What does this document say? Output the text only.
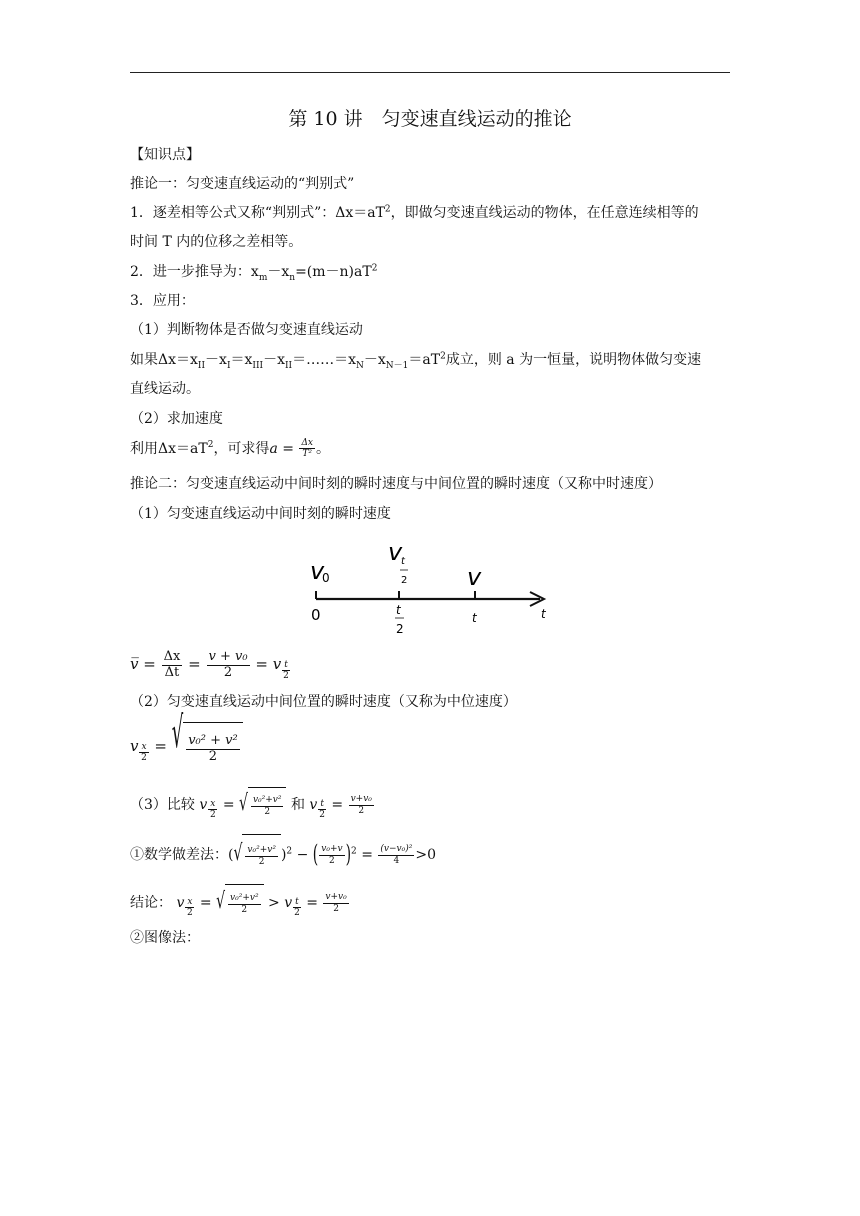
第 10 讲　匀变速直线运动的推论
【知识点】
推论一：匀变速直线运动的“判别式”
1．逐差相等公式又称“判别式”：$\Delta x=aT^2$，即做匀变速直线运动的物体，在任意连续相等的
时间 T 内的位移之差相等。
2．进一步推导为：$x_m-x_n=(m-n)aT^2$
3．应用：
（1）判断物体是否做匀变速直线运动
如果$\Delta x=x_{II}-x_I=x_{III}-x_{II}=\dots\dots=x_N-x_{N-1}=aT^2$成立，则 a 为一恒量，说明物体做匀变速
直线运动。
（2）求加速度
利用$\Delta x=aT^2$，可求得$a = \frac{\Delta x}{\text{T²}}$ 。
推论二：匀变速直线运动中间时刻的瞬时速度与中间位置的瞬时速度（又称中时速度）
（1）匀变速直线运动中间时刻的瞬时速度
v
0
v
t
2 v
0	t
2
t	t
v̅ = $\frac{\Delta x}{\Delta t} = \frac{\text{v + v₀}}{2} = v \frac{t}{2}$
（2）匀变速直线运动中间位置的瞬时速度（又称为中位速度）
v $\frac{x}{2}$ = √ $\frac{\text{v₀² + v²}}{2}$
（3）比较 v $\frac{x}{2}$ = √ $\frac{\text{v₀²+v²}}{2}$ 和 v $\frac{t}{2} = \frac{\text{v+v₀}}{2}$
①数学做差法：( √ $\frac{\text{v₀²+v²}}{2} )^2$ − ( $\frac{\text{v₀+v}}{2} )^2 = \frac{\text{(v−v₀)²}}{4} >0$
结论： v $\frac{x}{2}$ = √ $\frac{\text{v₀²+v²}}{2} > v \frac{t}{2} = \frac{\text{v+v₀}}{2}$
②图像法：
